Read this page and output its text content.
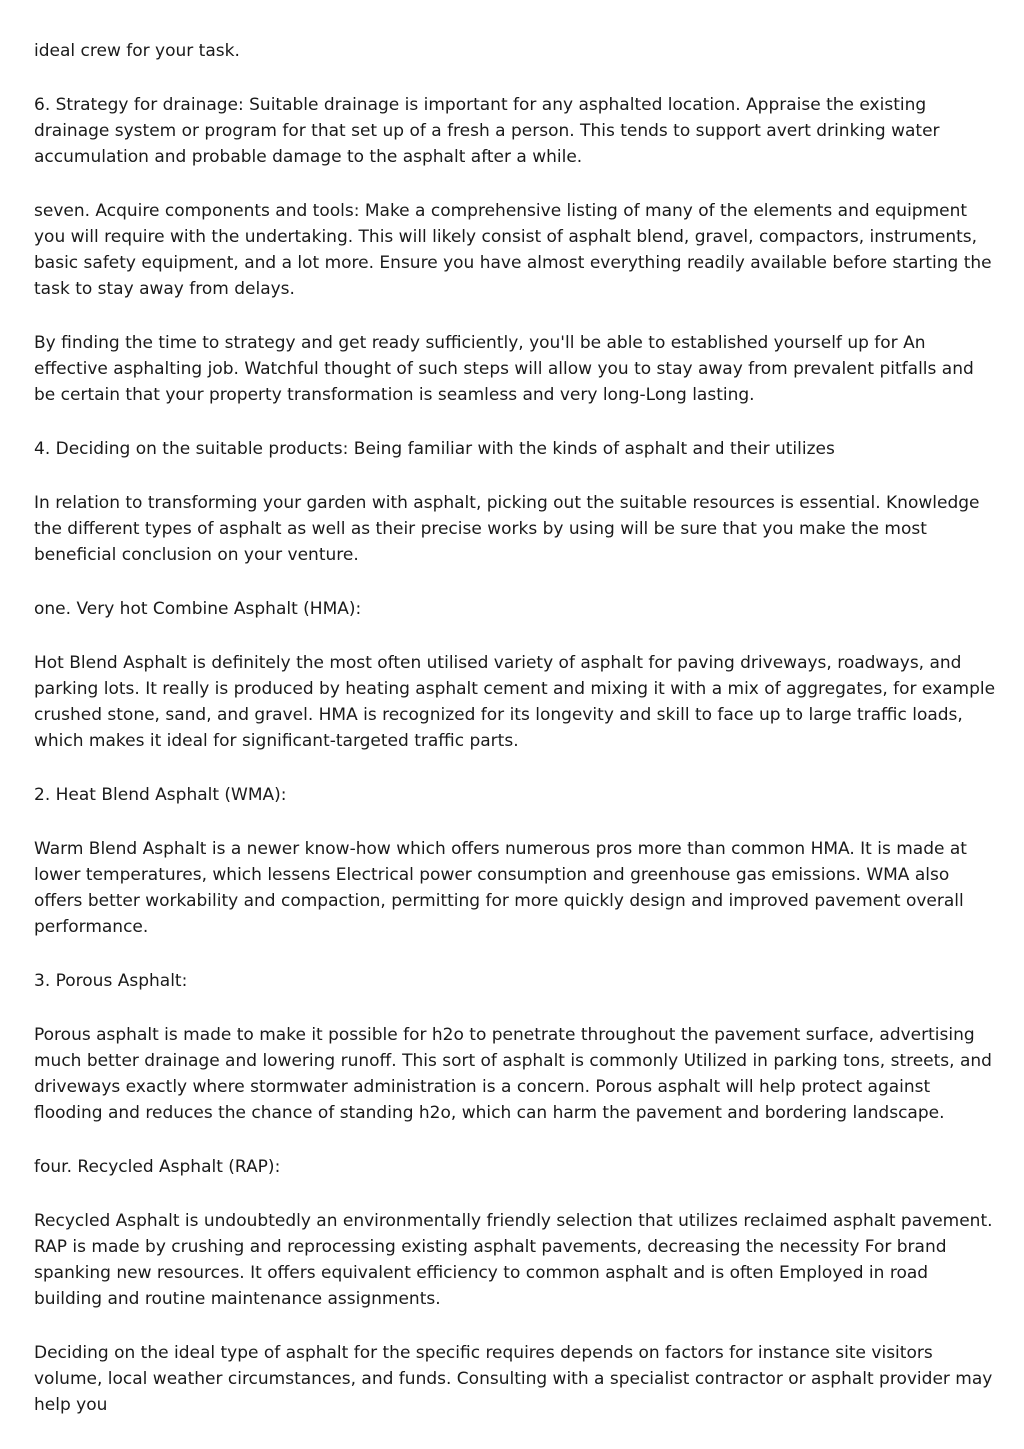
ideal crew for your task.

6. Strategy for drainage: Suitable drainage is important for any asphalted location. Appraise the existing drainage system or program for that set up of a fresh a person. This tends to support avert drinking water accumulation and probable damage to the asphalt after a while.

seven. Acquire components and tools: Make a comprehensive listing of many of the elements and equipment you will require with the undertaking. This will likely consist of asphalt blend, gravel, compactors, instruments, basic safety equipment, and a lot more. Ensure you have almost everything readily available before starting the task to stay away from delays.

By finding the time to strategy and get ready sufficiently, you'll be able to established yourself up for An effective asphalting job. Watchful thought of such steps will allow you to stay away from prevalent pitfalls and be certain that your property transformation is seamless and very long-Long lasting.

4. Deciding on the suitable products: Being familiar with the kinds of asphalt and their utilizes

In relation to transforming your garden with asphalt, picking out the suitable resources is essential. Knowledge the different types of asphalt as well as their precise works by using will be sure that you make the most beneficial conclusion on your venture.

one. Very hot Combine Asphalt (HMA):

Hot Blend Asphalt is definitely the most often utilised variety of asphalt for paving driveways, roadways, and parking lots. It really is produced by heating asphalt cement and mixing it with a mix of aggregates, for example crushed stone, sand, and gravel. HMA is recognized for its longevity and skill to face up to large traffic loads, which makes it ideal for significant-targeted traffic parts.

2. Heat Blend Asphalt (WMA):

Warm Blend Asphalt is a newer know-how which offers numerous pros more than common HMA. It is made at lower temperatures, which lessens Electrical power consumption and greenhouse gas emissions. WMA also offers better workability and compaction, permitting for more quickly design and improved pavement overall performance.

3. Porous Asphalt:

Porous asphalt is made to make it possible for h2o to penetrate throughout the pavement surface, advertising much better drainage and lowering runoff. This sort of asphalt is commonly Utilized in parking tons, streets, and driveways exactly where stormwater administration is a concern. Porous asphalt will help protect against flooding and reduces the chance of standing h2o, which can harm the pavement and bordering landscape.

four. Recycled Asphalt (RAP):

Recycled Asphalt is undoubtedly an environmentally friendly selection that utilizes reclaimed asphalt pavement. RAP is made by crushing and reprocessing existing asphalt pavements, decreasing the necessity For brand spanking new resources. It offers equivalent efficiency to common asphalt and is often Employed in road building and routine maintenance assignments.

Deciding on the ideal type of asphalt for the specific requires depends on factors for instance site visitors volume, local weather circumstances, and funds. Consulting with a specialist contractor or asphalt provider may help you
